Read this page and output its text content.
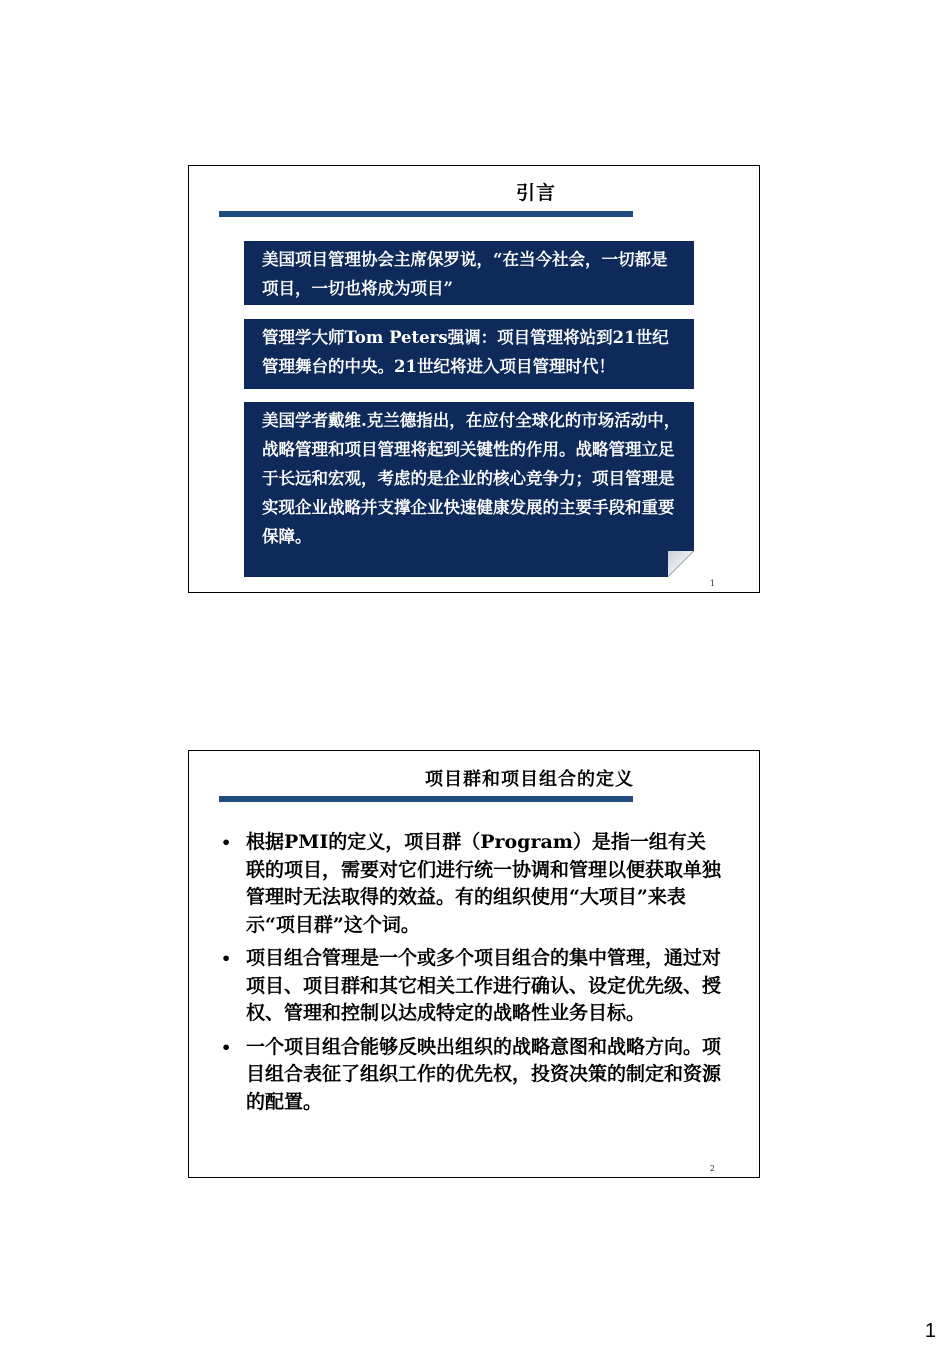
引言
美国项目管理协会主席保罗说，“在当今社会，一切都是项目，一切也将成为项目”
管理学大师Tom Peters强调：项目管理将站到21世纪管理舞台的中央。21世纪将进入项目管理时代！
美国学者戴维.克兰德指出，在应付全球化的市场活动中，战略管理和项目管理将起到关键性的作用。战略管理立足于长远和宏观，考虑的是企业的核心竞争力；项目管理是实现企业战略并支撑企业快速健康发展的主要手段和重要保障。
1
项目群和项目组合的定义
• 根据PMI的定义，项目群（Program）是指一组有关联的项目，需要对它们进行统一协调和管理以便获取单独管理时无法取得的效益。有的组织使用“大项目”来表示“项目群”这个词。
• 项目组合管理是一个或多个项目组合的集中管理，通过对项目、项目群和其它相关工作进行确认、设定优先级、授权、管理和控制以达成特定的战略性业务目标。
• 一个项目组合能够反映出组织的战略意图和战略方向。项目组合表征了组织工作的优先权，投资决策的制定和资源的配置。
2
1
